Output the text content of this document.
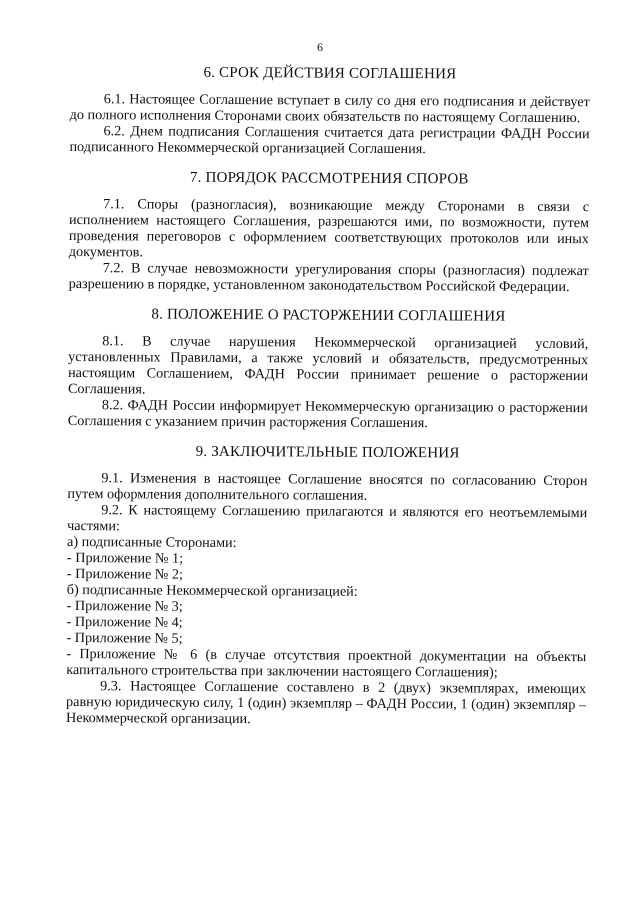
6
6. СРОК ДЕЙСТВИЯ СОГЛАШЕНИЯ

6.1. Настоящее Соглашение вступает в силу со дня его подписания и действует до полного исполнения Сторонами своих обязательств по настоящему Соглашению.

6.2. Днем подписания Соглашения считается дата регистрации ФАДН России подписанного Некоммерческой организацией Соглашения.

7. ПОРЯДОК РАССМОТРЕНИЯ СПОРОВ

7.1. Споры (разногласия), возникающие между Сторонами в связи с исполнением настоящего Соглашения, разрешаются ими, по возможности, путем проведения переговоров с оформлением соответствующих протоколов или иных документов.

7.2. В случае невозможности урегулирования споры (разногласия) подлежат разрешению в порядке, установленном законодательством Российской Федерации.

8. ПОЛОЖЕНИЕ О РАСТОРЖЕНИИ СОГЛАШЕНИЯ

8.1. В случае нарушения Некоммерческой организацией условий, установленных Правилами, а также условий и обязательств, предусмотренных настоящим Соглашением, ФАДН России принимает решение о расторжении Соглашения.

8.2. ФАДН России информирует Некоммерческую организацию о расторжении Соглашения с указанием причин расторжения Соглашения.

9. ЗАКЛЮЧИТЕЛЬНЫЕ ПОЛОЖЕНИЯ

9.1. Изменения в настоящее Соглашение вносятся по согласованию Сторон путем оформления дополнительного соглашения.

9.2. К настоящему Соглашению прилагаются и являются его неотъемлемыми частями:

а) подписанные Сторонами:

- Приложение № 1;

- Приложение № 2;

б) подписанные Некоммерческой организацией:

- Приложение № 3;

- Приложение № 4;

- Приложение № 5;

- Приложение № 6 (в случае отсутствия проектной документации на объекты капитального строительства при заключении настоящего Соглашения);

9.3. Настоящее Соглашение составлено в 2 (двух) экземплярах, имеющих равную юридическую силу, 1 (один) экземпляр – ФАДН России, 1 (один) экземпляр – Некоммерческой организации.
